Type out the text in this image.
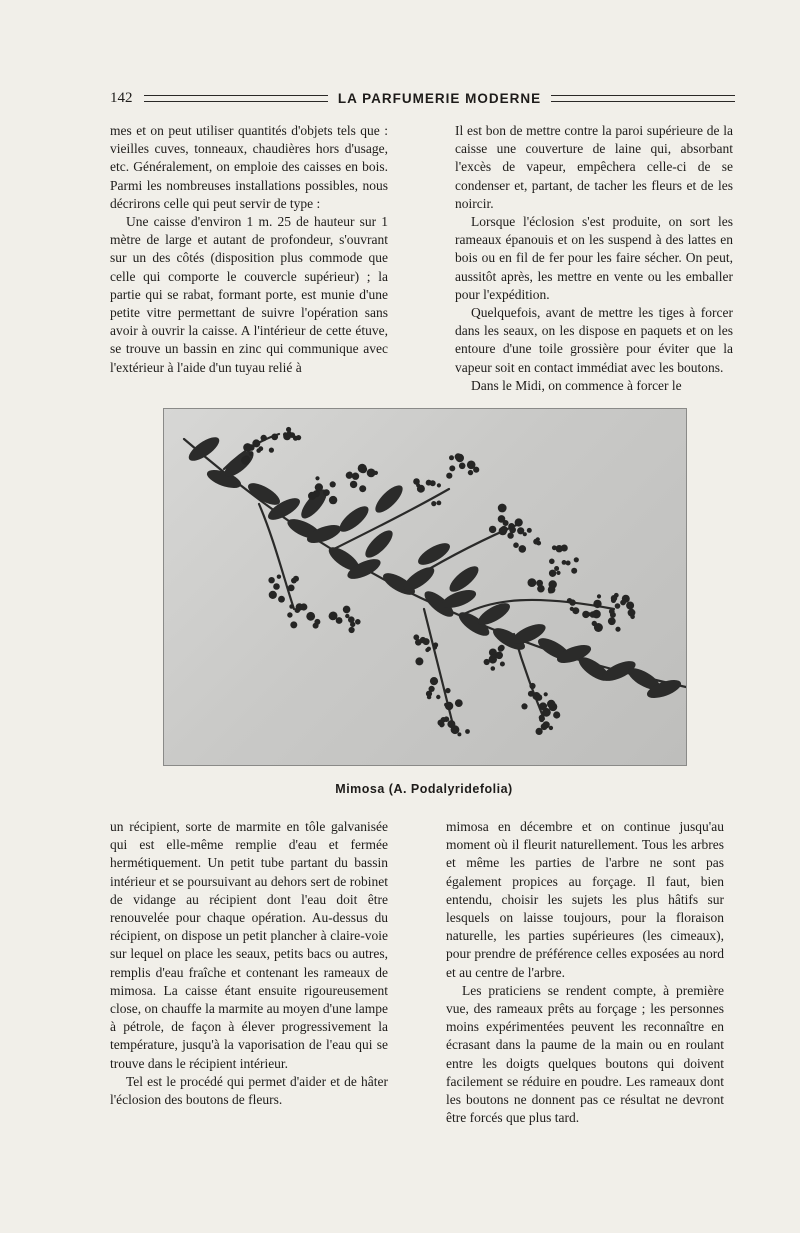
142	LA PARFUMERIE MODERNE

mes et on peut utiliser quantités d'objets tels que : vieilles cuves, tonneaux, chaudières hors d'usage, etc. Généralement, on emploie des caisses en bois. Parmi les nombreuses installations possibles, nous décrirons celle qui peut servir de type :

Une caisse d'environ 1 m. 25 de hauteur sur 1 mètre de large et autant de profondeur, s'ouvrant sur un des côtés (disposition plus commode que celle qui comporte le couvercle supérieur) ; la partie qui se rabat, formant porte, est munie d'une petite vitre permettant de suivre l'opération sans avoir à ouvrir la caisse. A l'intérieur de cette étuve, se trouve un bassin en zinc qui communique avec l'extérieur à l'aide d'un tuyau relié à

Il est bon de mettre contre la paroi supérieure de la caisse une couverture de laine qui, absorbant l'excès de vapeur, empêchera celle-ci de se condenser et, partant, de tacher les fleurs et de les noircir.

Lorsque l'éclosion s'est produite, on sort les rameaux épanouis et on les suspend à des lattes en bois ou en fil de fer pour les faire sécher. On peut, aussitôt après, les mettre en vente ou les emballer pour l'expédition.

Quelquefois, avant de mettre les tiges à forcer dans les seaux, on les dispose en paquets et on les entoure d'une toile grossière pour éviter que la vapeur soit en contact immédiat avec les boutons.

Dans le Midi, on commence à forcer le

Mimosa (A. Podalyridefolia)

un récipient, sorte de marmite en tôle galvanisée qui est elle-même remplie d'eau et fermée hermétiquement. Un petit tube partant du bassin intérieur et se poursuivant au dehors sert de robinet de vidange au récipient dont l'eau doit être renouvelée pour chaque opération. Au-dessus du récipient, on dispose un petit plancher à claire-voie sur lequel on place les seaux, petits bacs ou autres, remplis d'eau fraîche et contenant les rameaux de mimosa. La caisse étant ensuite rigoureusement close, on chauffe la marmite au moyen d'une lampe à pétrole, de façon à élever progressivement la température, jusqu'à la vaporisation de l'eau qui se trouve dans le récipient intérieur.

Tel est le procédé qui permet d'aider et de hâter l'éclosion des boutons de fleurs.

mimosa en décembre et on continue jusqu'au moment où il fleurit naturellement. Tous les arbres et même les parties de l'arbre ne sont pas également propices au forçage. Il faut, bien entendu, choisir les sujets les plus hâtifs sur lesquels on laisse toujours, pour la floraison naturelle, les parties supérieures (les cimeaux), pour prendre de préférence celles exposées au nord et au centre de l'arbre.

Les praticiens se rendent compte, à première vue, des rameaux prêts au forçage ; les personnes moins expérimentées peuvent les reconnaître en écrasant dans la paume de la main ou en roulant entre les doigts quelques boutons qui doivent facilement se réduire en poudre. Les rameaux dont les boutons ne donnent pas ce résultat ne devront être forcés que plus tard.
